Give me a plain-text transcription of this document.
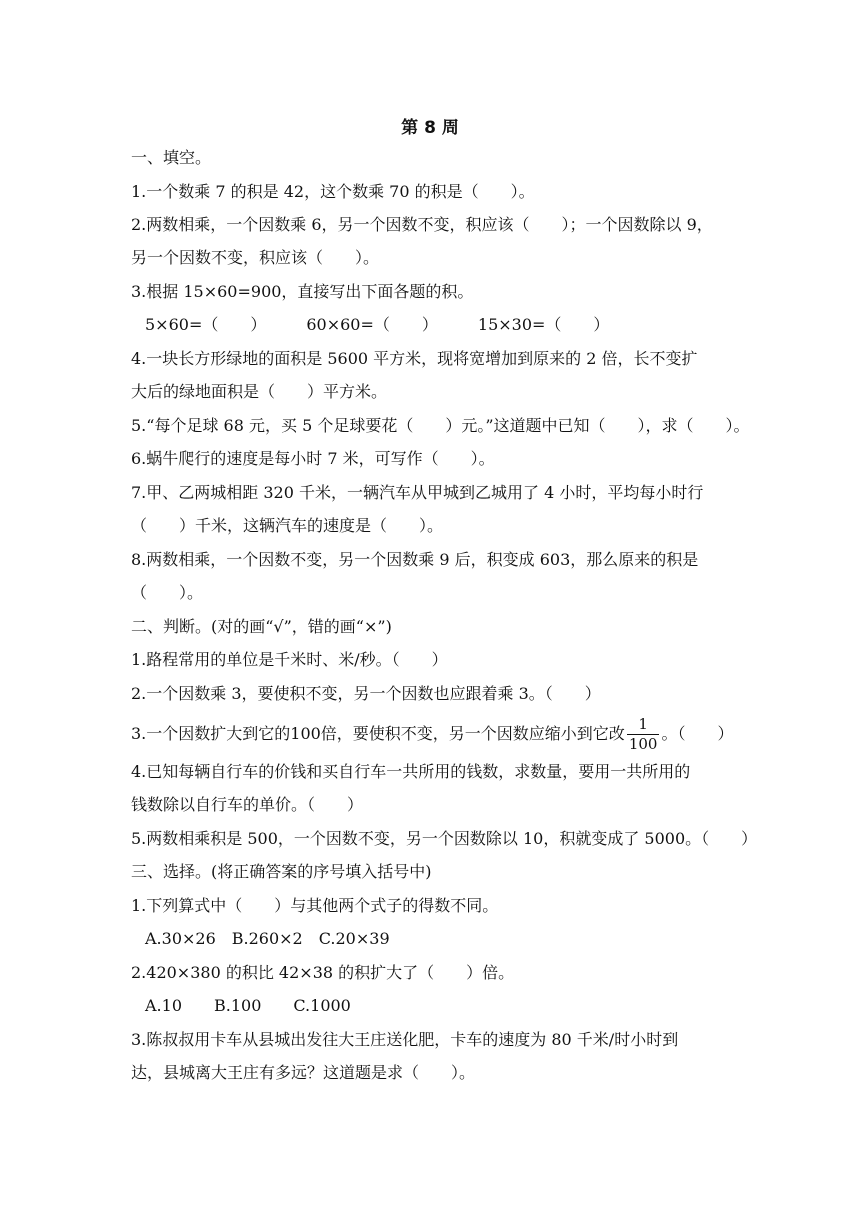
第 8 周
一、填空。
1.一个数乘 7 的积是 42，这个数乘 70 的积是（　　）。
2.两数相乘，一个因数乘 6，另一个因数不变，积应该（　　）；一个因数除以 9，
另一个因数不变，积应该（　　）。
3.根据 15×60=900，直接写出下面各题的积。
5×60=（　　）　　　60×60=（　　）　　　15×30=（　　）
4.一块长方形绿地的面积是 5600 平方米，现将宽增加到原来的 2 倍，长不变扩
大后的绿地面积是（　　）平方米。
5.“每个足球 68 元，买 5 个足球要花（　　）元。”这道题中已知（　　），求（　　）。
6.蜗牛爬行的速度是每小时 7 米，可写作（　　）。
7.甲、乙两城相距 320 千米，一辆汽车从甲城到乙城用了 4 小时，平均每小时行
（　　）千米，这辆汽车的速度是（　　）。
8.两数相乘，一个因数不变，另一个因数乘 9 后，积变成 603，那么原来的积是
（　　）。
二、判断。(对的画“√”，错的画“×”)
1.路程常用的单位是千米时、米/秒。（　　）
2.一个因数乘 3，要使积不变，另一个因数也应跟着乘 3。（　　）
3.一个因数扩大到它的100倍，要使积不变，另一个因数应缩小到它改 $\frac{1}{100}$ 。（　　）
4.已知每辆自行车的价钱和买自行车一共所用的钱数，求数量，要用一共所用的
钱数除以自行车的单价。（　　）
5.两数相乘积是 500，一个因数不变，另一个因数除以 10，积就变成了 5000。（　　）
三、选择。(将正确答案的序号填入括号中)
1.下列算式中（　　）与其他两个式子的得数不同。
A.30×26　B.260×2　C.20×39
2.420×380 的积比 42×38 的积扩大了（　　）倍。
A.10　　B.100　　C.1000
3.陈叔叔用卡车从县城出发往大王庄送化肥，卡车的速度为 80 千米/时小时到
达，县城离大王庄有多远？这道题是求（　　）。
